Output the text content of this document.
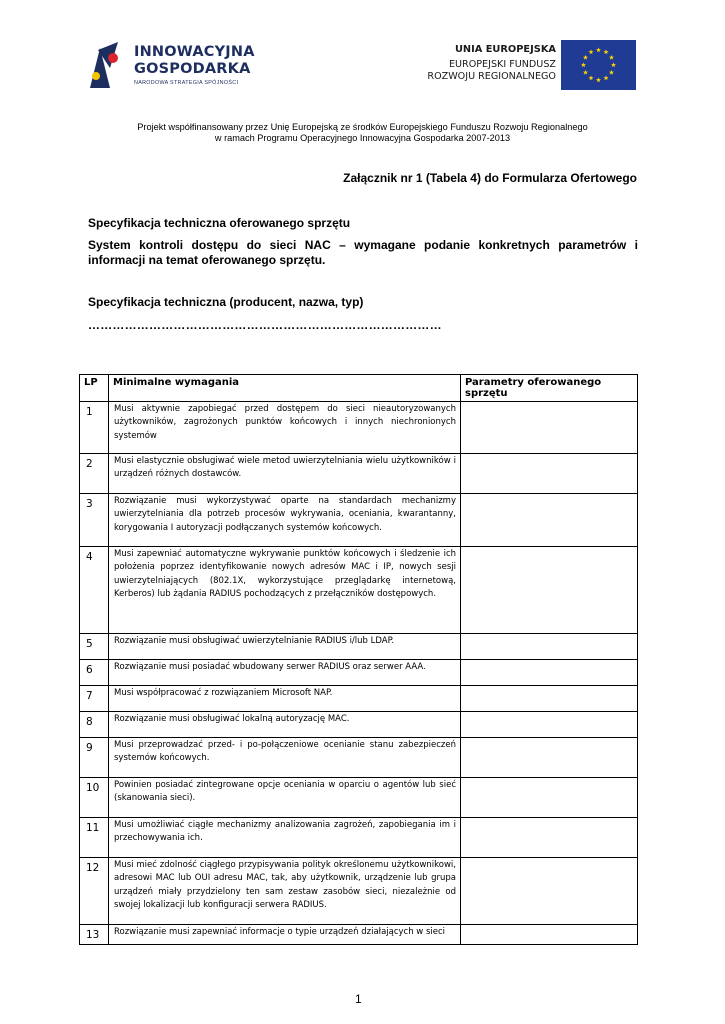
INNOWACYJNA
GOSPODARKA
NARODOWA STRATEGIA SPÓJNOŚCI
UNIA EUROPEJSKA
EUROPEJSKI FUNDUSZ
ROZWOJU REGIONALNEGO
Projekt współfinansowany przez Unię Europejską ze środków Europejskiego Funduszu Rozwoju Regionalnego
w ramach Programu Operacyjnego Innowacyjna Gospodarka 2007-2013
Załącznik nr 1 (Tabela 4) do Formularza Ofertowego
Specyfikacja techniczna oferowanego sprzętu
System kontroli dostępu do sieci NAC – wymagane podanie konkretnych parametrów i
informacji na temat oferowanego sprzętu.
Specyfikacja techniczna (producent, nazwa, typ)
……………………………………………………………………………
LP	Minimalne wymagania	Parametry oferowanego sprzętu
1	Musi aktywnie zapobiegać przed dostępem do sieci nieautoryzowanych użytkowników, zagrożonych punktów końcowych i innych niechronionych systemów	
2	Musi elastycznie obsługiwać wiele metod uwierzytelniania wielu użytkowników i urządzeń różnych dostawców.	
3	Rozwiązanie musi wykorzystywać oparte na standardach mechanizmy uwierzytelniania dla potrzeb procesów wykrywania, oceniania, kwarantanny, korygowania I autoryzacji podłączanych systemów końcowych.	
4	Musi zapewniać automatyczne wykrywanie punktów końcowych i śledzenie ich położenia poprzez identyfikowanie nowych adresów MAC i IP, nowych sesji uwierzytelniających (802.1X, wykorzystujące przeglądarkę internetową, Kerberos) lub żądania RADIUS pochodzących z przełączników dostępowych.	
5	Rozwiązanie musi obsługiwać uwierzytelnianie RADIUS i/lub LDAP.	
6	Rozwiązanie musi posiadać wbudowany serwer RADIUS oraz serwer AAA.	
7	Musi współpracować z rozwiązaniem Microsoft NAP.	
8	Rozwiązanie musi obsługiwać lokalną autoryzację MAC.	
9	Musi przeprowadzać przed- i po-połączeniowe ocenianie stanu zabezpieczeń systemów końcowych.	
10	Powinien posiadać zintegrowane opcje oceniania w oparciu o agentów lub sieć (skanowania sieci).	
11	Musi umożliwiać ciągłe mechanizmy analizowania zagrożeń, zapobiegania im i przechowywania ich.	
12	Musi mieć zdolność ciągłego przypisywania polityk określonemu użytkownikowi, adresowi MAC lub OUI adresu MAC, tak, aby użytkownik, urządzenie lub grupa urządzeń miały przydzielony ten sam zestaw zasobów sieci, niezależnie od swojej lokalizacji lub konfiguracji serwera RADIUS.	
13	Rozwiązanie musi zapewniać informacje o typie urządzeń działających w sieci	
1
